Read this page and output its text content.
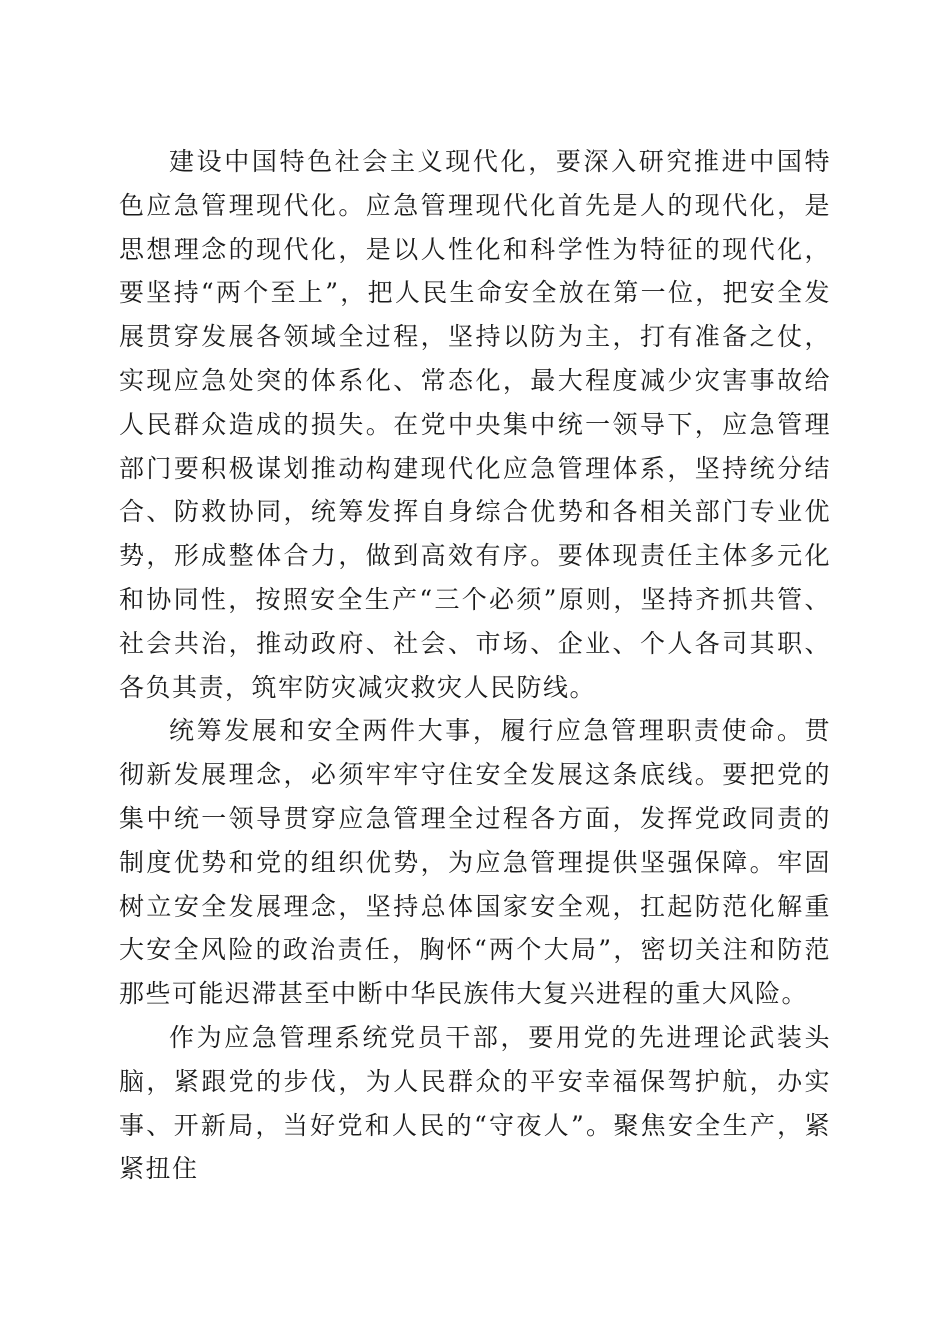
建设中国特色社会主义现代化，要深入研究推进中国特色应急管理现代化。应急管理现代化首先是人的现代化，是思想理念的现代化，是以人性化和科学性为特征的现代化，要坚持“两个至上”，把人民生命安全放在第一位，把安全发展贯穿发展各领域全过程，坚持以防为主，打有准备之仗，实现应急处突的体系化、常态化，最大程度减少灾害事故给人民群众造成的损失。在党中央集中统一领导下，应急管理部门要积极谋划推动构建现代化应急管理体系，坚持统分结合、防救协同，统筹发挥自身综合优势和各相关部门专业优势，形成整体合力，做到高效有序。要体现责任主体多元化和协同性，按照安全生产“三个必须”原则，坚持齐抓共管、社会共治，推动政府、社会、市场、企业、个人各司其职、各负其责，筑牢防灾减灾救灾人民防线。

统筹发展和安全两件大事，履行应急管理职责使命。贯彻新发展理念，必须牢牢守住安全发展这条底线。要把党的集中统一领导贯穿应急管理全过程各方面，发挥党政同责的制度优势和党的组织优势，为应急管理提供坚强保障。牢固树立安全发展理念，坚持总体国家安全观，扛起防范化解重大安全风险的政治责任，胸怀“两个大局”，密切关注和防范那些可能迟滞甚至中断中华民族伟大复兴进程的重大风险。

作为应急管理系统党员干部，要用党的先进理论武装头脑，紧跟党的步伐，为人民群众的平安幸福保驾护航，办实事、开新局，当好党和人民的“守夜人”。聚焦安全生产，紧紧扭住
